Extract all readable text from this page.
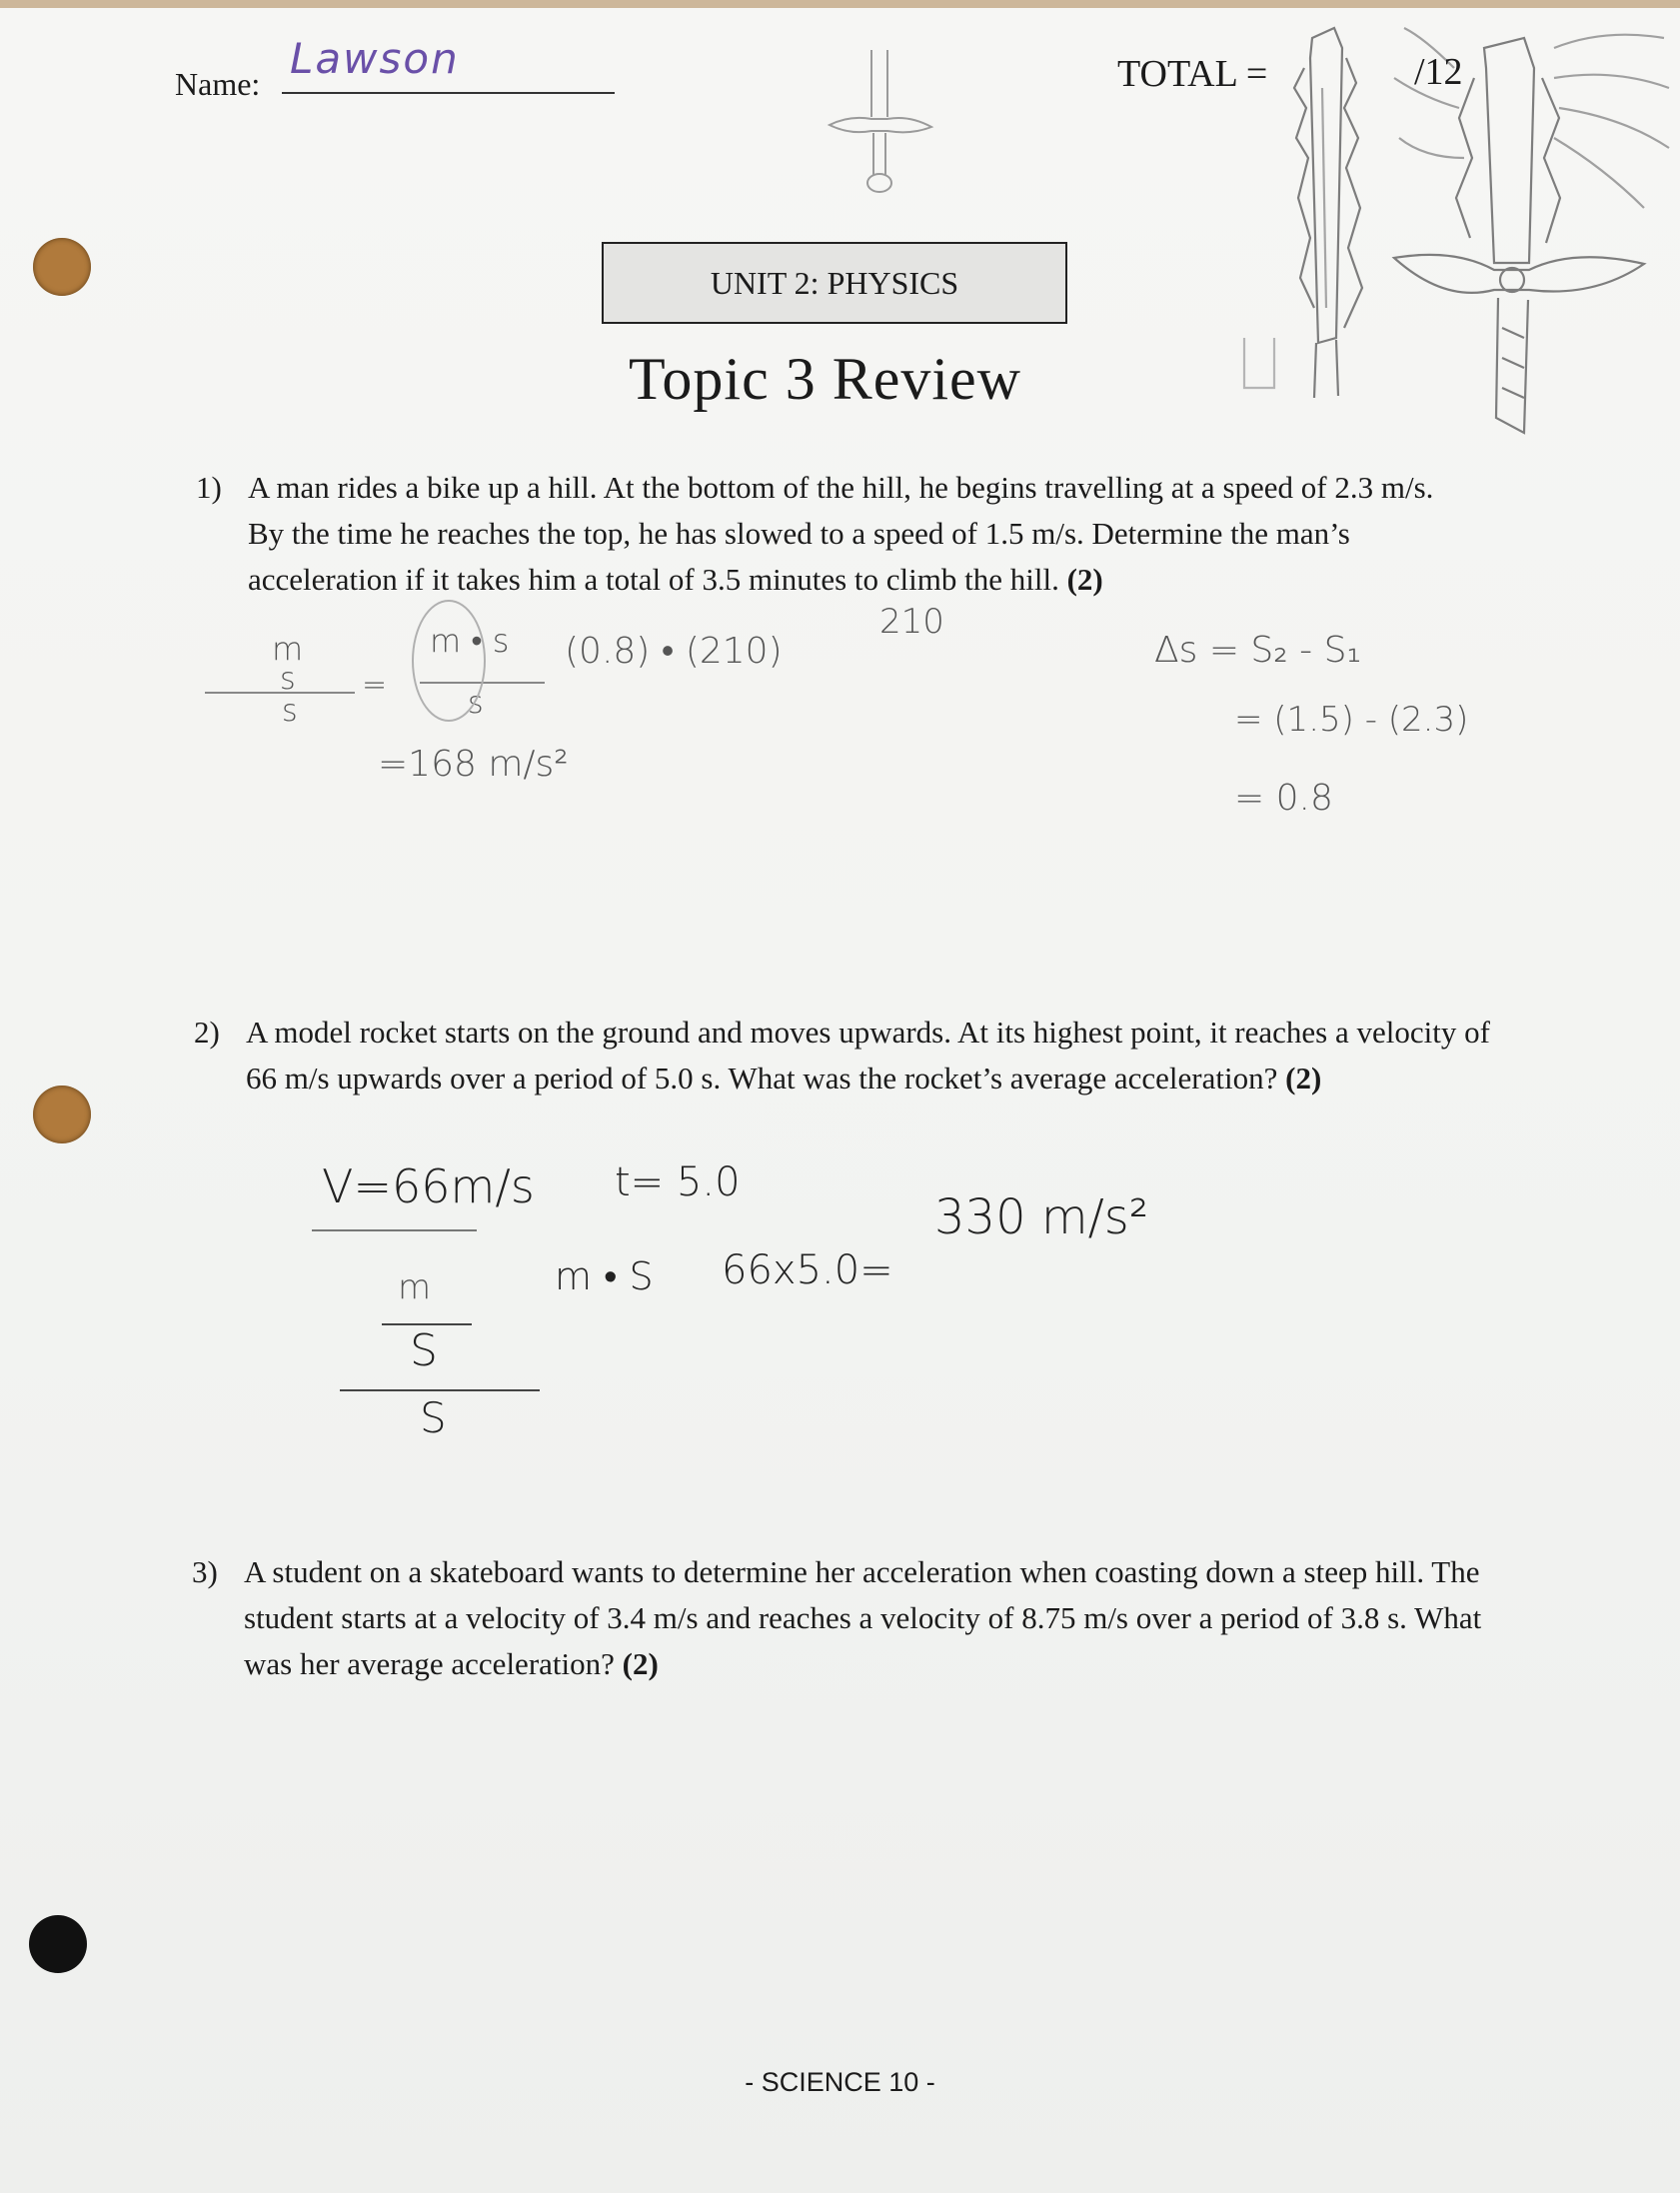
Name:
Lawson	TOTAL =	/12
UNIT 2: PHYSICS
Topic 3 Review
1) A man rides a bike up a hill. At the bottom of the hill, he begins travelling at a speed of 2.3 m/s. By the time he reaches the top, he has slowed to a speed of 1.5 m/s. Determine the man’s acceleration if it takes him a total of 3.5 minutes to climb the hill. (2)
210
m
s
s
=
m • s
s
(0.8) • (210)
=168 m/s²
Δs = S₂ - S₁
= (1.5) - (2.3)
= 0.8
2) A model rocket starts on the ground and moves upwards. At its highest point, it reaches a velocity of 66 m/s upwards over a period of 5.0 s. What was the rocket’s average acceleration? (2)
V=66m/s t= 5.0
m
S
S
m • S 66x5.0=
330 m/s²
3) A student on a skateboard wants to determine her acceleration when coasting down a steep hill. The student starts at a velocity of 3.4 m/s and reaches a velocity of 8.75 m/s over a period of 3.8 s. What was her average acceleration? (2)
- SCIENCE 10 -
